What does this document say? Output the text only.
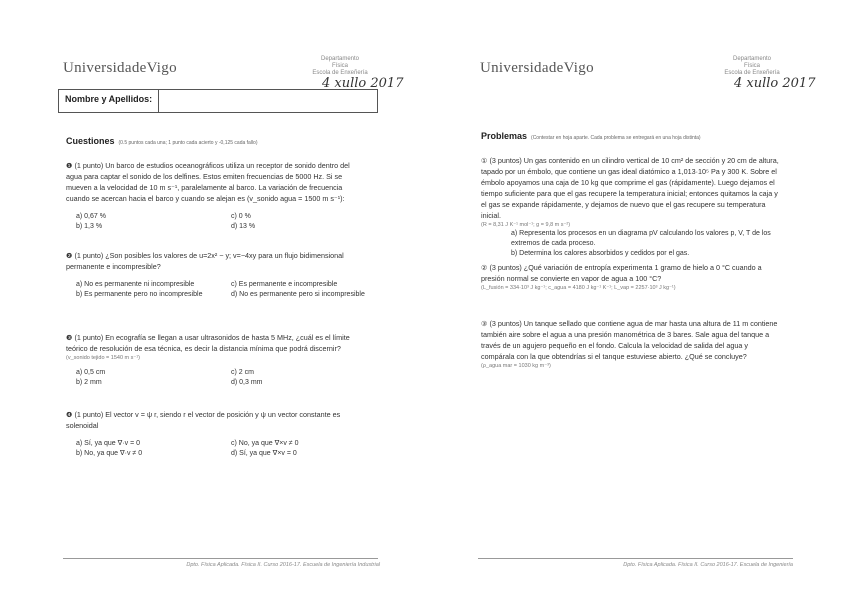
UniversidadeVigo
Departamento
Física
Escola de Enxeñería
4 xullo 2017
Nombre y Apellidos:
Cuestiones (0.5 puntos cada una; 1 punto cada acierto y -0,125 cada fallo)
❶ (1 punto) Un barco de estudios oceanográficos utiliza un receptor de sonido dentro del agua para captar el sonido de los delfines. Estos emiten frecuencias de 5000 Hz. Si se mueven a la velocidad de 10 m s⁻¹, paralelamente al barco. La variación de frecuencia cuando se acercan hacia el barco y cuando se alejan es (v_sonido agua = 1500 m s⁻¹):
a) 0,67 %	c) 0 %
b) 1,3 %	d) 13 %
❷ (1 punto) ¿Son posibles los valores de u=2x² − y; v=−4xy para un flujo bidimensional permanente e incompresible?
a) No es permanente ni incompresible	c) Es permanente e incompresible
b) Es permanente pero no incompresible	d) No es permanente pero si incompresible
❸ (1 punto) En ecografía se llegan a usar ultrasonidos de hasta 5 MHz, ¿cuál es el límite teórico de resolución de esa técnica, es decir la distancia mínima que podrá discernir?
(v_sonido tejido = 1540 m s⁻¹)
a) 0,5 cm	c) 2 cm
b) 2 mm	d) 0,3 mm
❹ (1 punto) El vector v = ψ r, siendo r el vector de posición y ψ un vector constante es solenoidal
a) Sí, ya que ∇·v = 0	c) No, ya que ∇×v ≠ 0
b) No, ya que ∇·v ≠ 0	d) Sí, ya que ∇×v = 0
Dpto. Física Aplicada. Física II. Curso 2016-17. Escuela de Ingeniería Industrial
UniversidadeVigo
Departamento
Física
Escola de Enxeñería
4 xullo 2017
Problemas (Contestar en hoja aparte. Cada problema se entregará en una hoja distinta)
① (3 puntos) Un gas contenido en un cilindro vertical de 10 cm² de sección y 20 cm de altura, tapado por un émbolo, que contiene un gas ideal diatómico a 1,013·10⁵ Pa y 300 K. Sobre el émbolo apoyamos una caja de 10 kg que comprime el gas (rápidamente). Luego dejamos el tiempo suficiente para que el gas recupere la temperatura inicial; entonces quitamos la caja y el gas se expande rápidamente, y dejamos de nuevo que el gas recupere su temperatura inicial.
(R = 8,31 J K⁻¹ mol⁻¹; g = 9,8 m s⁻²)
a) Representa los procesos en un diagrama pV calculando los valores p, V, T de los extremos de cada proceso.
b) Determina los calores absorbidos y cedidos por el gas.
② (3 puntos) ¿Qué variación de entropía experimenta 1 gramo de hielo a 0 °C cuando a presión normal se convierte en vapor de agua a 100 °C?
(L_fusión = 334·10³ J kg⁻¹; c_agua = 4180 J kg⁻¹ K⁻¹; L_vap = 2257·10³ J kg⁻¹)
③ (3 puntos) Un tanque sellado que contiene agua de mar hasta una altura de 11 m contiene también aire sobre el agua a una presión manométrica de 3 bares. Sale agua del tanque a través de un agujero pequeño en el fondo. Calcula la velocidad de salida del agua y compárala con la que obtendrías si el tanque estuviese abierto. ¿Qué se concluye?
(ρ_agua mar = 1030 kg m⁻³)
Dpto. Física Aplicada. Física II. Curso 2016-17. Escuela de Ingeniería
